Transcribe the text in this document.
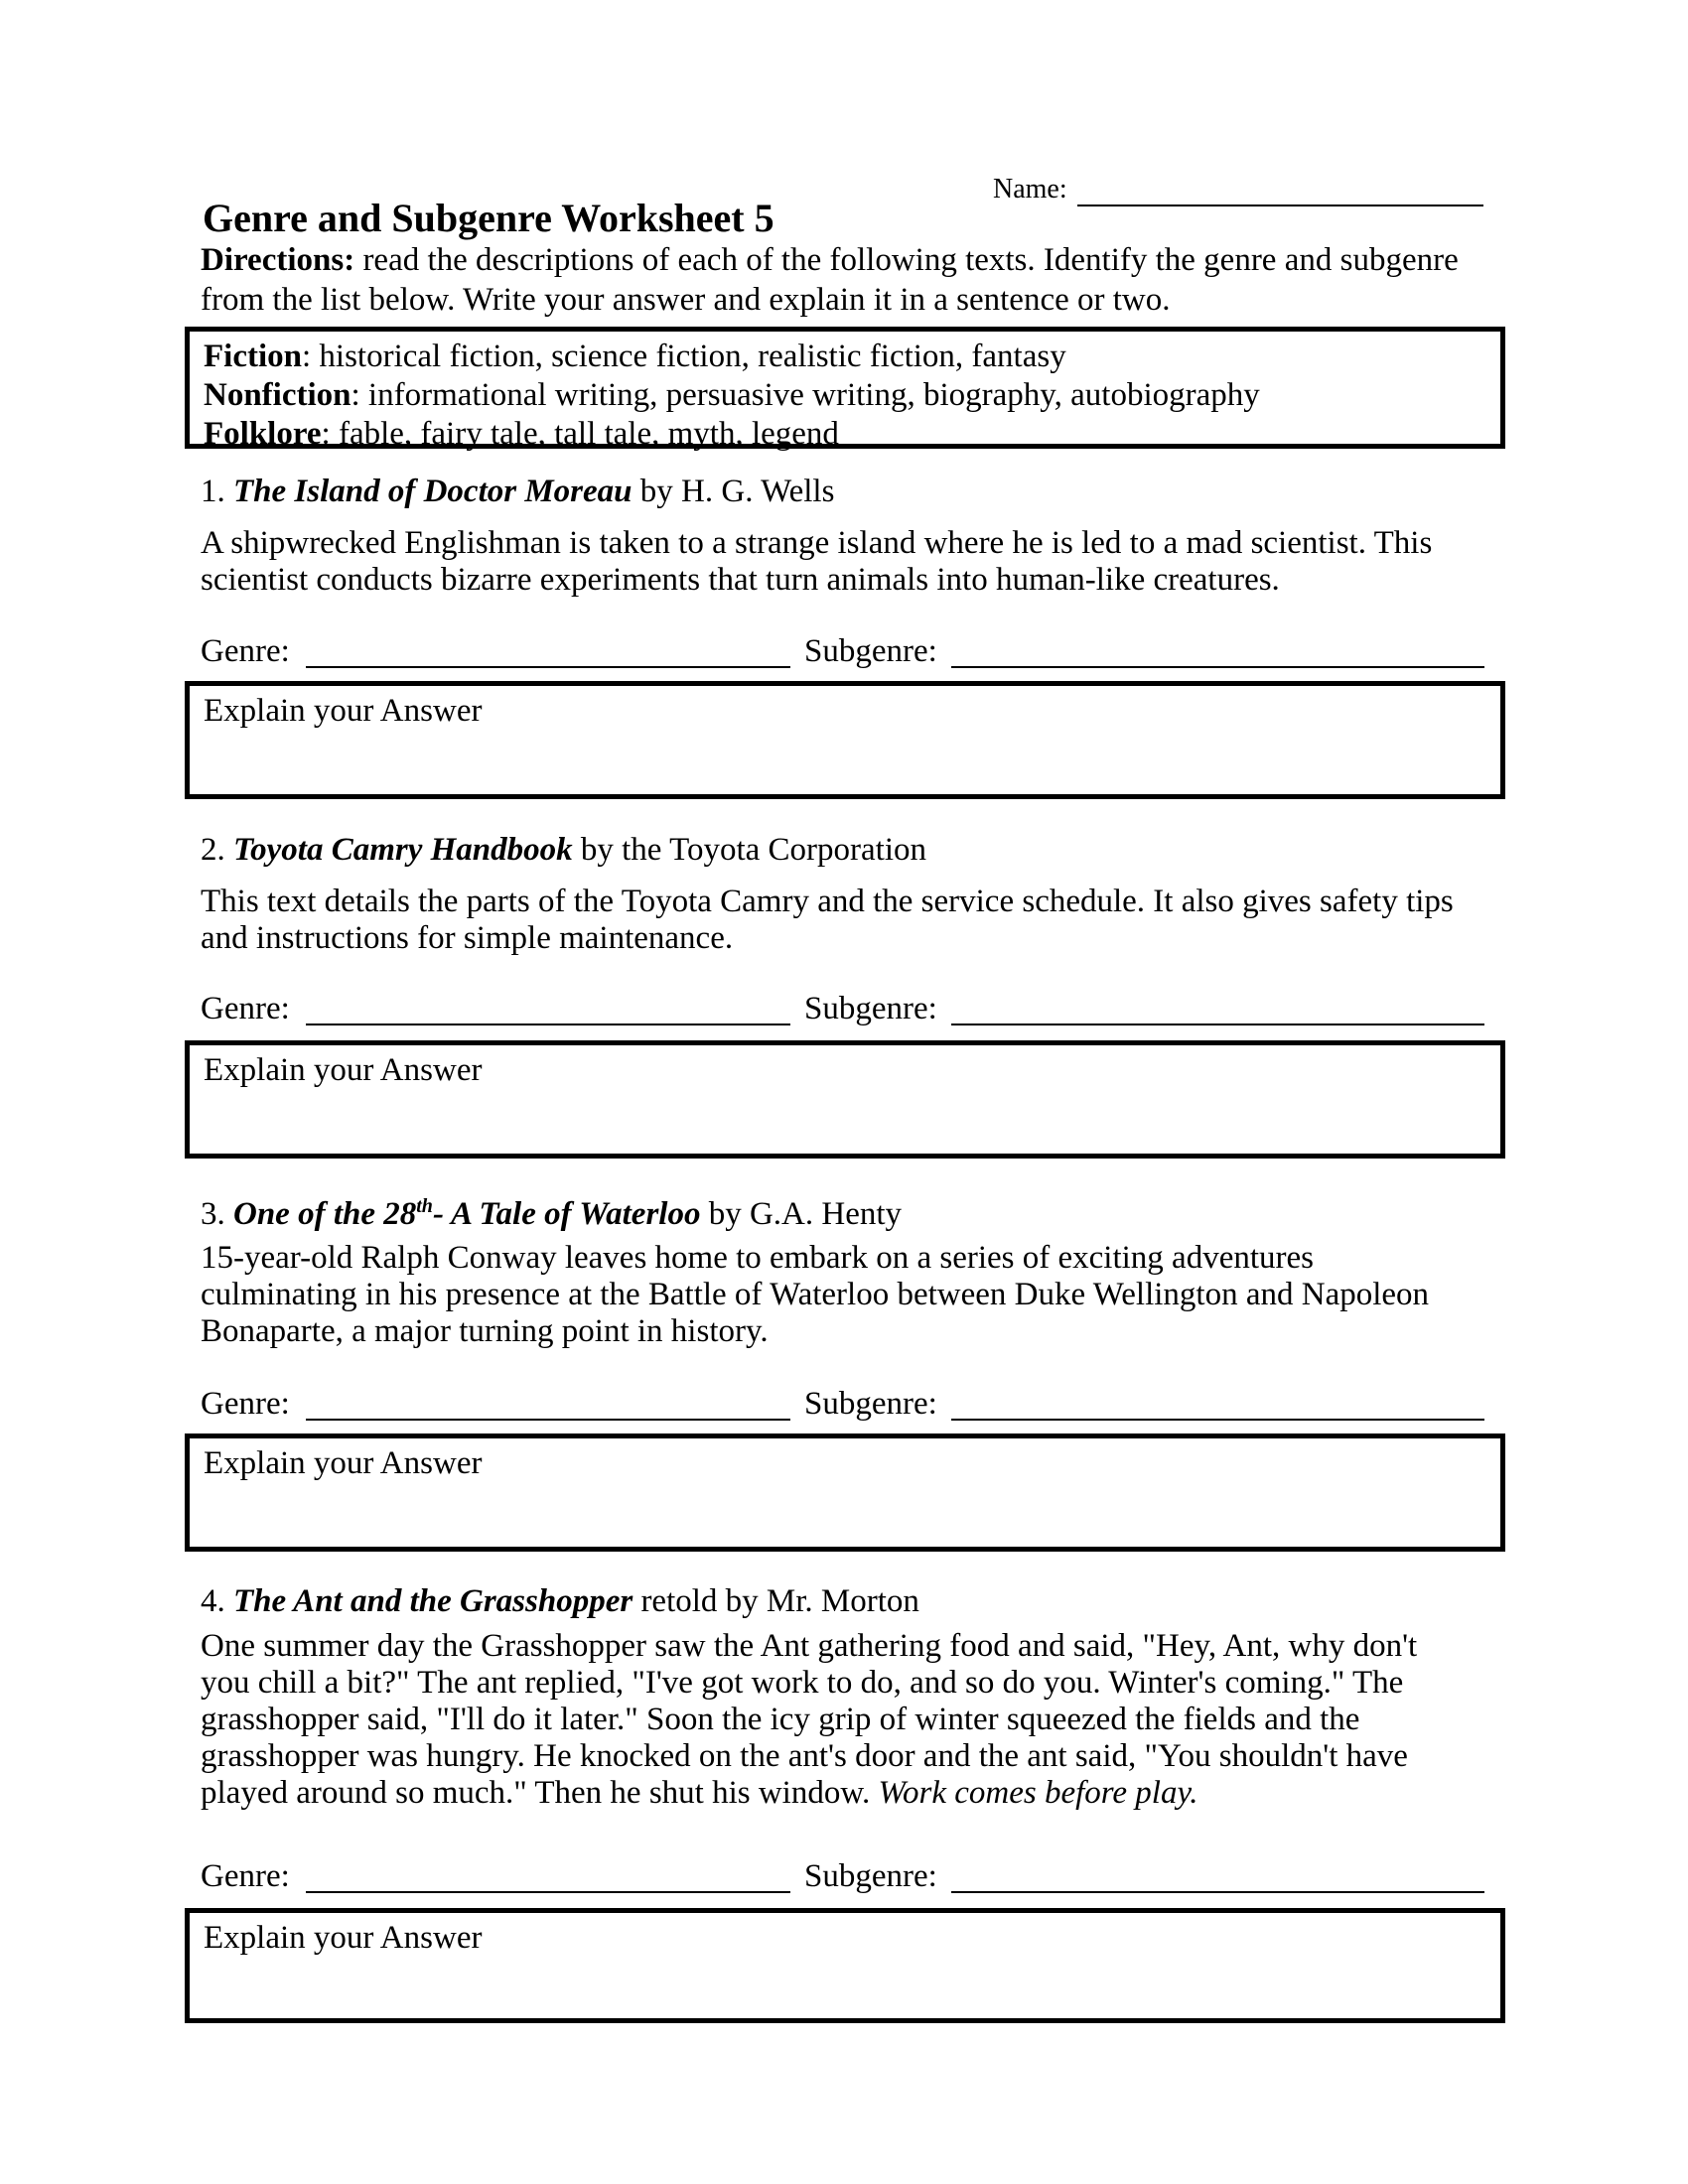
Name:
Genre and Subgenre Worksheet 5
Directions: read the descriptions of each of the following texts. Identify the genre and subgenre
from the list below. Write your answer and explain it in a sentence or two.
Fiction: historical fiction, science fiction, realistic fiction, fantasy
Nonfiction: informational writing, persuasive writing, biography, autobiography
Folklore: fable, fairy tale, tall tale, myth, legend
1. The Island of Doctor Moreau by H. G. Wells
A shipwrecked Englishman is taken to a strange island where he is led to a mad scientist. This
scientist conducts bizarre experiments that turn animals into human-like creatures.
Genre:	Subgenre:
Explain your Answer
2. Toyota Camry Handbook by the Toyota Corporation
This text details the parts of the Toyota Camry and the service schedule. It also gives safety tips
and instructions for simple maintenance.
Genre:	Subgenre:
Explain your Answer
3. One of the 28th- A Tale of Waterloo by G.A. Henty
15-year-old Ralph Conway leaves home to embark on a series of exciting adventures
culminating in his presence at the Battle of Waterloo between Duke Wellington and Napoleon
Bonaparte, a major turning point in history.
Genre:	Subgenre:
Explain your Answer
4. The Ant and the Grasshopper retold by Mr. Morton
One summer day the Grasshopper saw the Ant gathering food and said, "Hey, Ant, why don't
you chill a bit?" The ant replied, "I've got work to do, and so do you. Winter's coming." The
grasshopper said, "I'll do it later." Soon the icy grip of winter squeezed the fields and the
grasshopper was hungry. He knocked on the ant's door and the ant said, "You shouldn't have
played around so much." Then he shut his window. Work comes before play.
Genre:	Subgenre:
Explain your Answer
